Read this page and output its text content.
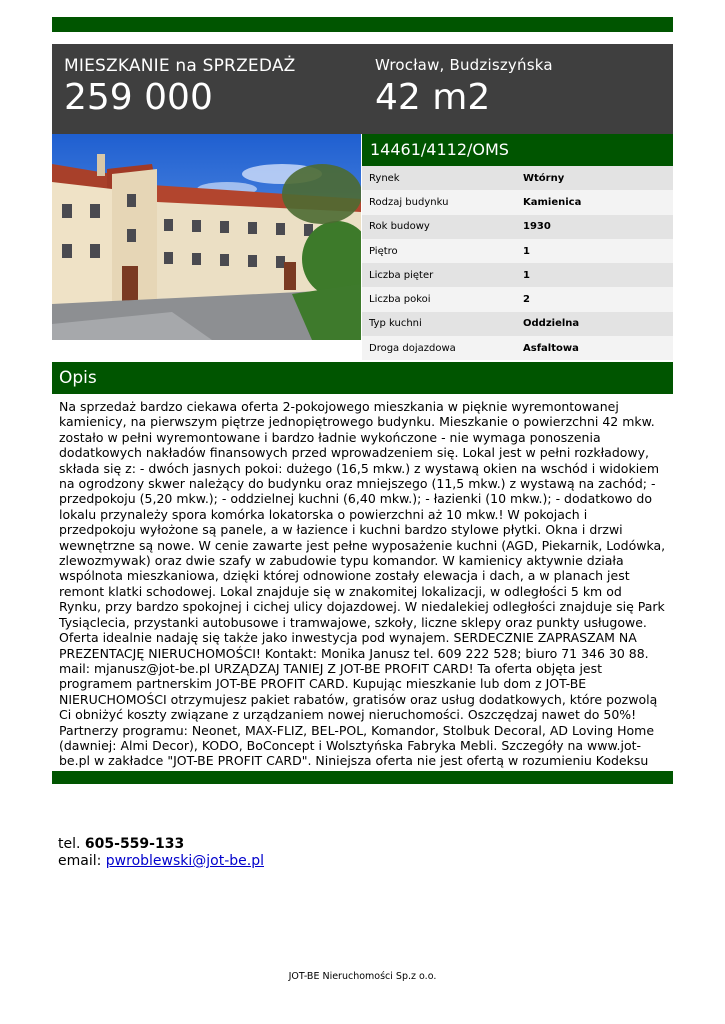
MIESZKANIE na SPRZEDAŻ
259 000
Wrocław, Budziszyńska
42 m2
14461/4112/OMS
Rynek	Wtórny
Rodzaj budynku	Kamienica
Rok budowy	1930
Piętro	1
Liczba pięter	1
Liczba pokoi	2
Typ kuchni	Oddzielna
Droga dojazdowa	Asfaltowa
Opis
Na sprzedaż bardzo ciekawa oferta 2-pokojowego mieszkania w pięknie wyremontowanej kamienicy, na pierwszym piętrze jednopiętrowego budynku. Mieszkanie o powierzchni 42 mkw. zostało w pełni wyremontowane i bardzo ładnie wykończone - nie wymaga ponoszenia dodatkowych nakładów finansowych przed wprowadzeniem się. Lokal jest w pełni rozkładowy, składa się z: - dwóch jasnych pokoi: dużego (16,5 mkw.) z wystawą okien na wschód i widokiem na ogrodzony skwer należący do budynku oraz mniejszego (11,5 mkw.) z wystawą na zachód; - przedpokoju (5,20 mkw.); - oddzielnej kuchni (6,40 mkw.); - łazienki (10 mkw.); - dodatkowo do lokalu przynależy spora komórka lokatorska o powierzchni aż 10 mkw.! W pokojach i przedpokoju wyłożone są panele, a w łazience i kuchni bardzo stylowe płytki. Okna i drzwi wewnętrzne są nowe. W cenie zawarte jest pełne wyposażenie kuchni (AGD, Piekarnik, Lodówka, zlewozmywak) oraz dwie szafy w zabudowie typu komandor. W kamienicy aktywnie działa wspólnota mieszkaniowa, dzięki której odnowione zostały elewacja i dach, a w planach jest remont klatki schodowej. Lokal znajduje się w znakomitej lokalizacji, w odległości 5 km od Rynku, przy bardzo spokojnej i cichej ulicy dojazdowej. W niedalekiej odległości znajduje się Park Tysiąclecia, przystanki autobusowe i tramwajowe, szkoły, liczne sklepy oraz punkty usługowe. Oferta idealnie nadaję się także jako inwestycja pod wynajem. SERDECZNIE ZAPRASZAM NA PREZENTACJĘ NIERUCHOMOŚCI! Kontakt: Monika Janusz tel. 609 222 528; biuro 71 346 30 88. mail: mjanusz@jot-be.pl URZĄDZAJ TANIEJ Z JOT-BE PROFIT CARD! Ta oferta objęta jest programem partnerskim JOT-BE PROFIT CARD. Kupując mieszkanie lub dom z JOT-BE NIERUCHOMOŚCI otrzymujesz pakiet rabatów, gratisów oraz usług dodatkowych, które pozwolą Ci obniżyć koszty związane z urządzaniem nowej nieruchomości. Oszczędzaj nawet do 50%! Partnerzy programu: Neonet, MAX-FLIZ, BEL-POL, Komandor, Stolbuk Decoral, AD Loving Home (dawniej: Almi Decor), KODO, BoConcept i Wolsztyńska Fabryka Mebli. Szczegóły na www.jot-be.pl w zakładce "JOT-BE PROFIT CARD". Niniejsza oferta nie jest ofertą w rozumieniu Kodeksu
tel. 605-559-133
email: pwroblewski@jot-be.pl
JOT-BE Nieruchomości Sp.z o.o.
